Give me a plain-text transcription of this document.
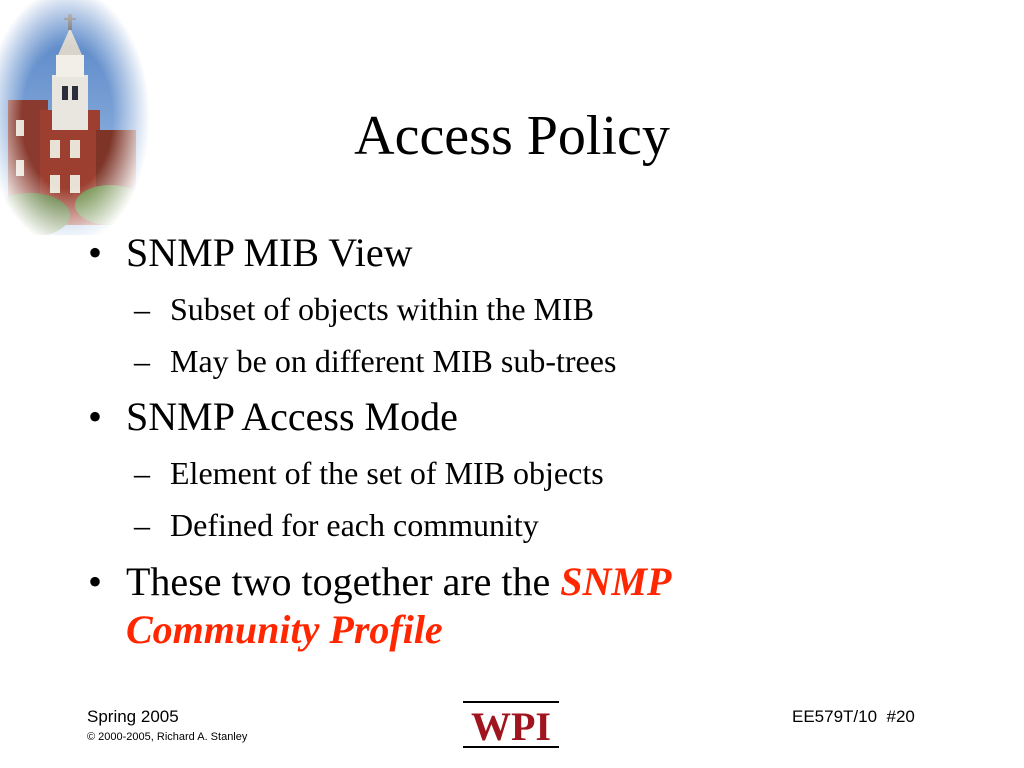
Access Policy
• SNMP MIB View
– Subset of objects within the MIB
– May be on different MIB sub-trees
• SNMP Access Mode
– Element of the set of MIB objects
– Defined for each community
• These two together are the SNMP
Community Profile
Spring 2005
© 2000-2005, Richard A. Stanley	WPI	EE579T/10  #20
